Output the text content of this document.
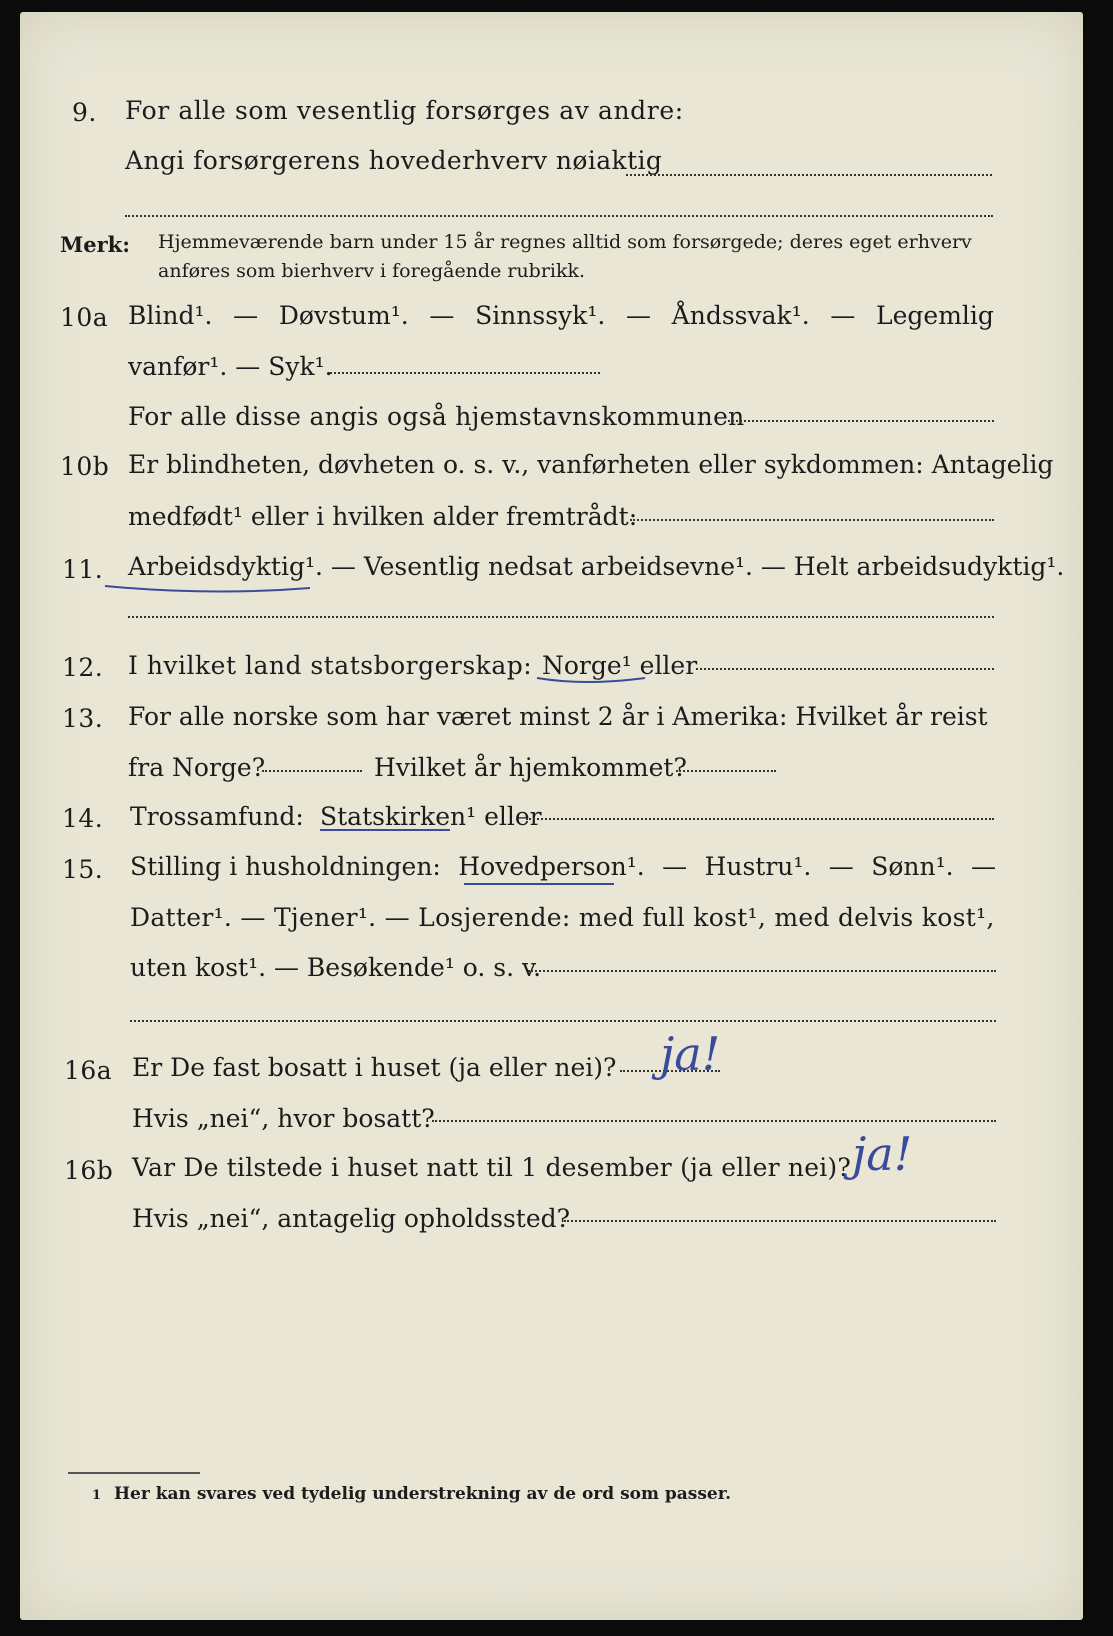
9. For alle som vesentlig forsørges av andre:
Angi forsørgerens hovederhverv nøiaktig
Merk: Hjemmeværende barn under 15 år regnes alltid som forsørgede; deres eget erhverv
anføres som bierhverv i foregående rubrikk.
10a Blind¹. — Døvstum¹. — Sinnssyk¹. — Åndssvak¹. — Legemlig
vanfør¹. — Syk¹.
For alle disse angis også hjemstavnskommunen
10b Er blindheten, døvheten o. s. v., vanførheten eller sykdommen: Antagelig
medfødt¹ eller i hvilken alder fremtrådt:
11. Arbeidsdyktig¹. — Vesentlig nedsat arbeidsevne¹. — Helt arbeidsudyktig¹.
12. I hvilket land statsborgerskap: Norge¹ eller
13. For alle norske som har været minst 2 år i Amerika: Hvilket år reist
fra Norge?	Hvilket år hjemkommet?
14. Trossamfund: Statskirken¹ eller
15. Stilling i husholdningen: Hovedperson¹. — Hustru¹. — Sønn¹. —
Datter¹. — Tjener¹. — Losjerende: med full kost¹, med delvis kost¹,
uten kost¹. — Besøkende¹ o. s. v.
16a Er De fast bosatt i huset (ja eller nei)? ja!
Hvis „nei“, hvor bosatt?
16b Var De tilstede i huset natt til 1 desember (ja eller nei)? ja!
Hvis „nei“, antagelig opholdssted?
1 Her kan svares ved tydelig understrekning av de ord som passer.
